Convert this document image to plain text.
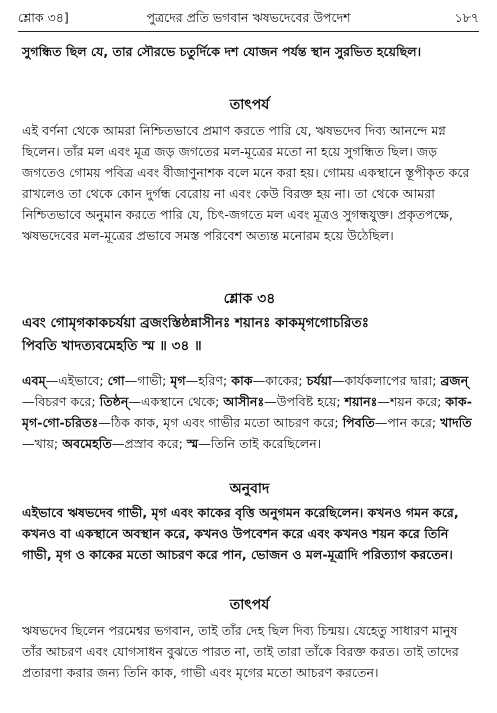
শ্লোক ৩৪]	পুত্রদের প্রতি ভগবান ঋষভদেবের উপদেশ	১৮৭

সুগন্ধিত ছিল যে, তার সৌরভে চতুর্দিকে দশ যোজন পর্যন্ত স্থান সুরভিত হয়েছিল।

তাৎপর্য

এই বর্ণনা থেকে আমরা নিশ্চিতভাবে প্রমাণ করতে পারি যে, ঋষভদেব দিব্য আনন্দে মগ্ন ছিলেন। তাঁর মল এবং মূত্র জড় জগতের মল-মূত্রের মতো না হয়ে সুগন্ধিত ছিল। জড় জগতেও গোময় পবিত্র এবং বীজাণুনাশক বলে মনে করা হয়। গোময় একস্থানে স্তূপীকৃত করে রাখলেও তা থেকে কোন দুর্গন্ধ বেরোয় না এবং কেউ বিরক্ত হয় না। তা থেকে আমরা নিশ্চিতভাবে অনুমান করতে পারি যে, চিৎ-জগতে মল এবং মূত্রও সুগন্ধযুক্ত। প্রকৃতপক্ষে, ঋষভদেবের মল-মূত্রের প্রভাবে সমস্ত পরিবেশ অত্যন্ত মনোরম হয়ে উঠেছিল।

শ্লোক ৩৪
এবং গোমৃগকাকচর্যয়া ব্রজংস্তিষ্ঠন্নাসীনঃ শয়ানঃ কাকমৃগগোচরিতঃ
পিবতি খাদত্যবমেহতি স্ম ॥ ৩৪ ॥
এবম্—এইভাবে; গো—গাভী; মৃগ—হরিণ; কাক—কাকের; চর্যয়া—কার্যকলাপের দ্বারা; ব্রজন্—বিচরণ করে; তিষ্ঠন্—একস্থানে থেকে; আসীনঃ—উপবিষ্ট হয়ে; শয়ানঃ—শয়ন করে; কাক-মৃগ-গো-চরিতঃ—ঠিক কাক, মৃগ এবং গাভীর মতো আচরণ করে; পিবতি—পান করে; খাদতি—খায়; অবমেহতি—প্রস্রাব করে; স্ম—তিনি তাই করেছিলেন।
অনুবাদ

এইভাবে ঋষভদেব গাভী, মৃগ এবং কাকের বৃত্তি অনুগমন করেছিলেন। কখনও গমন করে, কখনও বা একস্থানে অবস্থান করে, কখনও উপবেশন করে এবং কখনও শয়ন করে তিনি গাভী, মৃগ ও কাকের মতো আচরণ করে পান, ভোজন ও মল-মূত্রাদি পরিত্যাগ করতেন।

তাৎপর্য

ঋষভদেব ছিলেন পরমেশ্বর ভগবান, তাই তাঁর দেহ ছিল দিব্য চিন্ময়। যেহেতু সাধারণ মানুষ তাঁর আচরণ এবং যোগসাধন বুঝতে পারত না, তাই তারা তাঁকে বিরক্ত করত। তাই তাদের প্রতারণা করার জন্য তিনি কাক, গাভী এবং মৃগের মতো আচরণ করতেন।
